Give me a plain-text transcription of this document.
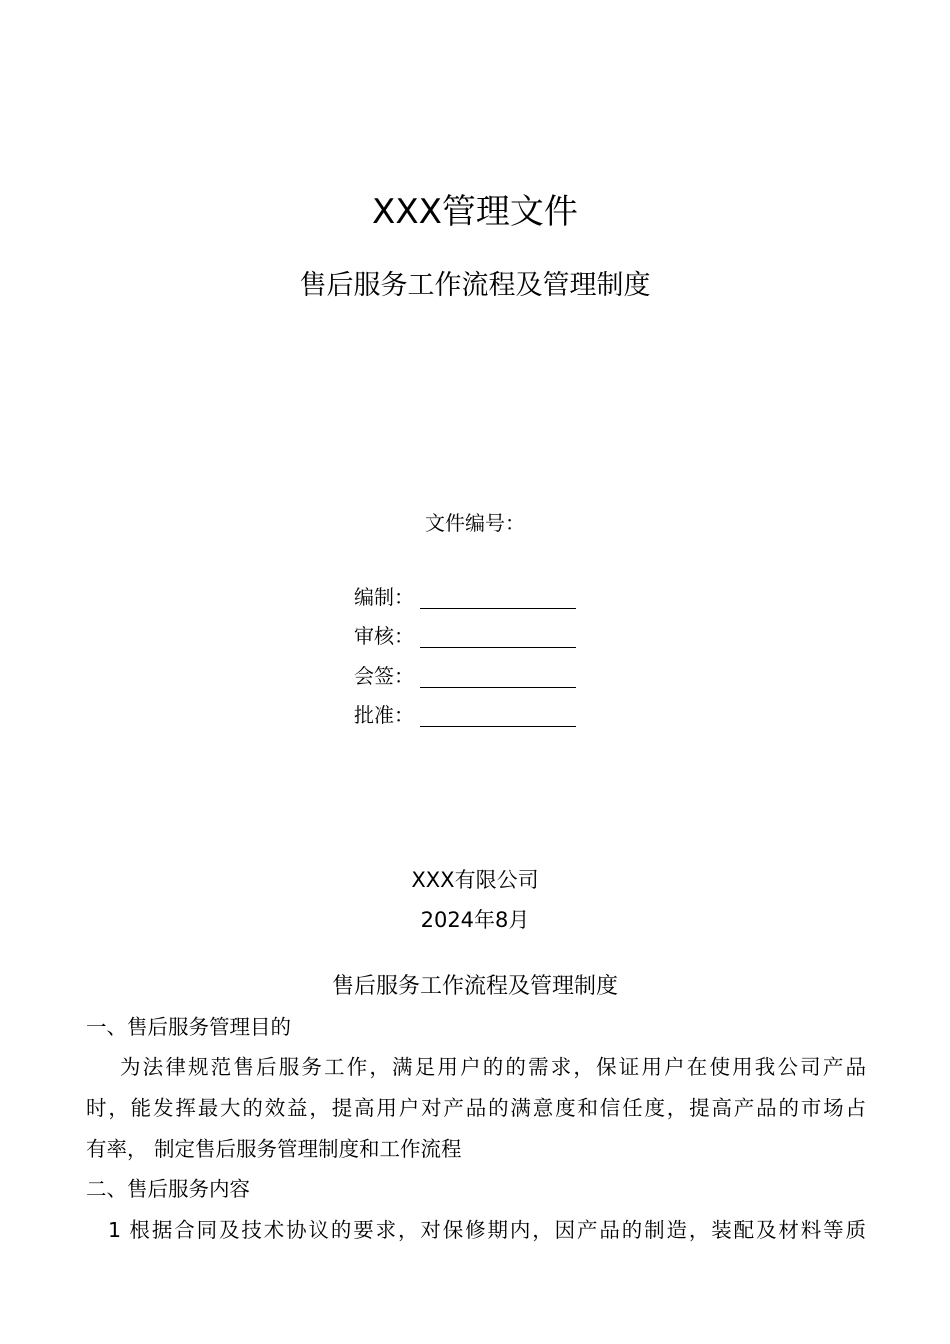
XXX管理文件
售后服务工作流程及管理制度
文件编号：
编制：
审核：
会签：
批准：
XXX有限公司
2024年8月
售后服务工作流程及管理制度
一、售后服务管理目的
为法律规范售后服务工作，满足用户的的需求，保证用户在使用我公司产品
时，能发挥最大的效益，提高用户对产品的满意度和信任度，提高产品的市场占
有率， 制定售后服务管理制度和工作流程
二、售后服务内容
1 根据合同及技术协议的要求，对保修期内，因产品的制造，装配及材料等质
